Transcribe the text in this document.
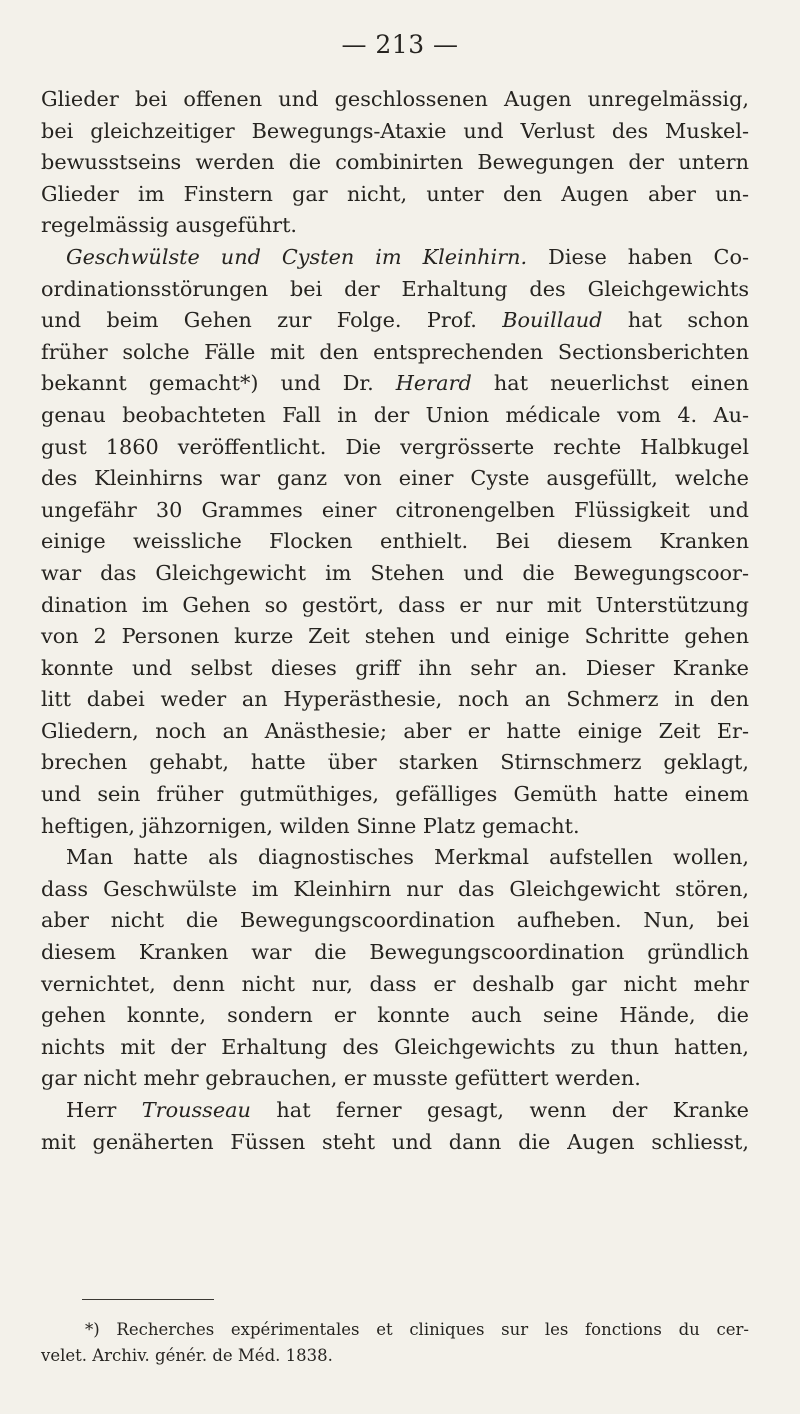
— 213 —
Glieder bei offenen und geschlossenen Augen unregelmässig,
bei gleichzeitiger Bewegungs-Ataxie und Verlust des Muskel-
bewusstseins werden die combinirten Bewegungen der untern
Glieder im Finstern gar nicht, unter den Augen aber un-
regelmässig ausgeführt.
Geschwülste und Cysten im Kleinhirn. Diese haben Co-
ordinationsstörungen bei der Erhaltung des Gleichgewichts
und beim Gehen zur Folge. Prof. Bouillaud hat schon
früher solche Fälle mit den entsprechenden Sectionsberichten
bekannt gemacht*) und Dr. Herard hat neuerlichst einen
genau beobachteten Fall in der Union médicale vom 4. Au-
gust 1860 veröffentlicht. Die vergrösserte rechte Halbkugel
des Kleinhirns war ganz von einer Cyste ausgefüllt, welche
ungefähr 30 Grammes einer citronengelben Flüssigkeit und
einige weissliche Flocken enthielt. Bei diesem Kranken
war das Gleichgewicht im Stehen und die Bewegungscoor-
dination im Gehen so gestört, dass er nur mit Unterstützung
von 2 Personen kurze Zeit stehen und einige Schritte gehen
konnte und selbst dieses griff ihn sehr an. Dieser Kranke
litt dabei weder an Hyperästhesie, noch an Schmerz in den
Gliedern, noch an Anästhesie; aber er hatte einige Zeit Er-
brechen gehabt, hatte über starken Stirnschmerz geklagt,
und sein früher gutmüthiges, gefälliges Gemüth hatte einem
heftigen, jähzornigen, wilden Sinne Platz gemacht.
Man hatte als diagnostisches Merkmal aufstellen wollen,
dass Geschwülste im Kleinhirn nur das Gleichgewicht stören,
aber nicht die Bewegungscoordination aufheben. Nun, bei
diesem Kranken war die Bewegungscoordination gründlich
vernichtet, denn nicht nur, dass er deshalb gar nicht mehr
gehen konnte, sondern er konnte auch seine Hände, die
nichts mit der Erhaltung des Gleichgewichts zu thun hatten,
gar nicht mehr gebrauchen, er musste gefüttert werden.
Herr Trousseau hat ferner gesagt, wenn der Kranke
mit genäherten Füssen steht und dann die Augen schliesst,
*) Recherches expérimentales et cliniques sur les fonctions du cer-
velet. Archiv. génér. de Méd. 1838.
